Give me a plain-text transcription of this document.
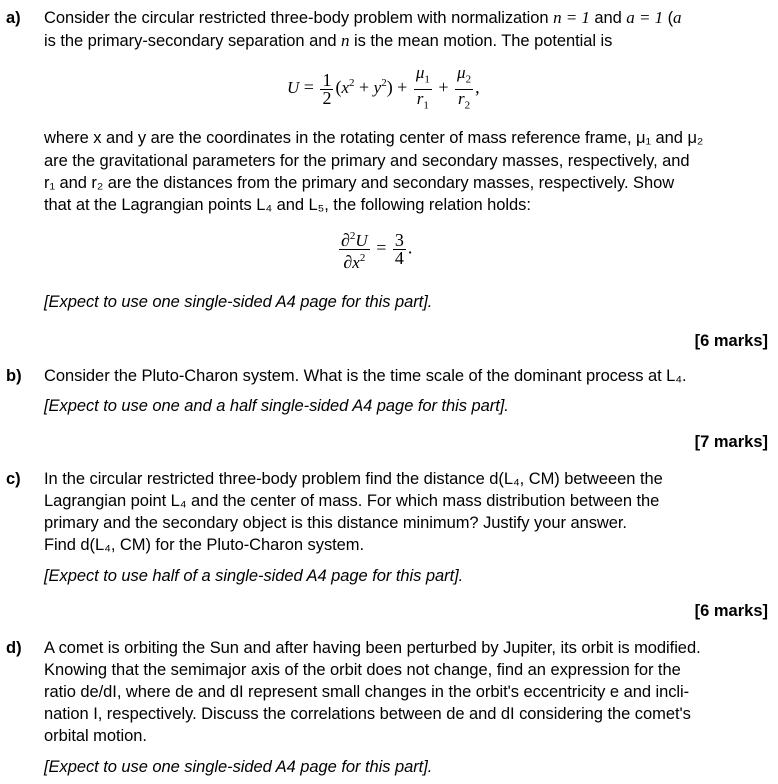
a) Consider the circular restricted three-body problem with normalization n = 1 and a = 1 (a
is the primary-secondary separation and n is the mean motion. The potential is
$U = \frac{1}{2} (x^2 + y^2) + \frac{\mu_1}{r_1} + \frac{\mu_2}{r_2}$ ,
where x and y are the coordinates in the rotating center of mass reference frame, μ₁ and μ₂
are the gravitational parameters for the primary and secondary masses, respectively, and
r₁ and r₂ are the distances from the primary and secondary masses, respectively. Show
that at the Lagrangian points L₄ and L₅, the following relation holds:
$\frac{\partial^2U}{\partial x^2} = \frac{3}{4}$ .
[Expect to use one single-sided A4 page for this part].
[6 marks]
b) Consider the Pluto-Charon system. What is the time scale of the dominant process at L₄.
[Expect to use one and a half single-sided A4 page for this part].
[7 marks]
c) In the circular restricted three-body problem find the distance d(L₄, CM) betweeen the
Lagrangian point L₄ and the center of mass. For which mass distribution between the
primary and the secondary object is this distance minimum? Justify your answer.
Find d(L₄, CM) for the Pluto-Charon system.
[Expect to use half of a single-sided A4 page for this part].
[6 marks]
d) A comet is orbiting the Sun and after having been perturbed by Jupiter, its orbit is modified.
Knowing that the semimajor axis of the orbit does not change, find an expression for the
ratio de/dI, where de and dI represent small changes in the orbit's eccentricity e and incli-
nation I, respectively. Discuss the correlations between de and dI considering the comet's
orbital motion.
[Expect to use one single-sided A4 page for this part].
